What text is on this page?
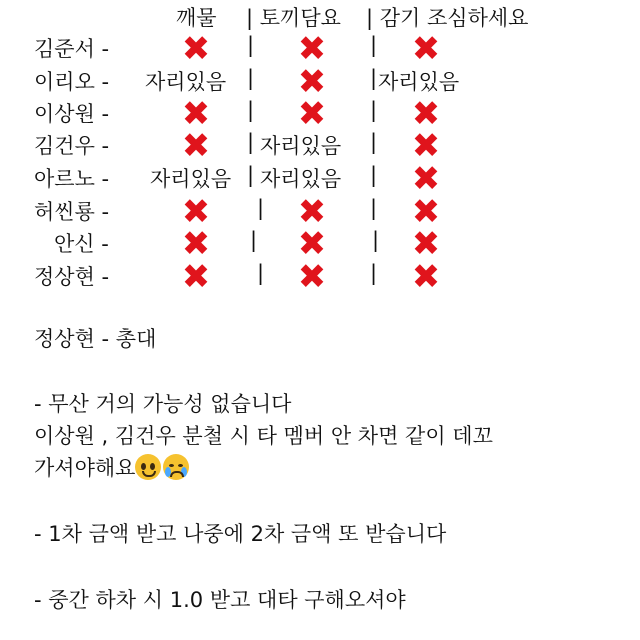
깨물 | 토끼담요 | 감기 조심하세요
김준서 - ✖	✖	✖
|	|
이리오 - 자리있음 ✖ 자리있음
|	|
이상원 - ✖	✖	✖
|	|
김건우 - ✖ 자리있음 ✖
|	|
아르노 - 자리있음 자리있음 ✖
|	|
허씬룡 - ✖	✖	✖
|	|
안신 - ✖	✖	✖
|	|
정상현 - ✖	✖	✖
|	|
정상현 - 총대
- 무산 거의 가능성 없습니다
이상원 , 김건우 분철 시 타 멤버 안 차면 같이 데꼬
가셔야해요
- 1차 금액 받고 나중에 2차 금액 또 받습니다
- 중간 하차 시 1.0 받고 대타 구해오셔야
